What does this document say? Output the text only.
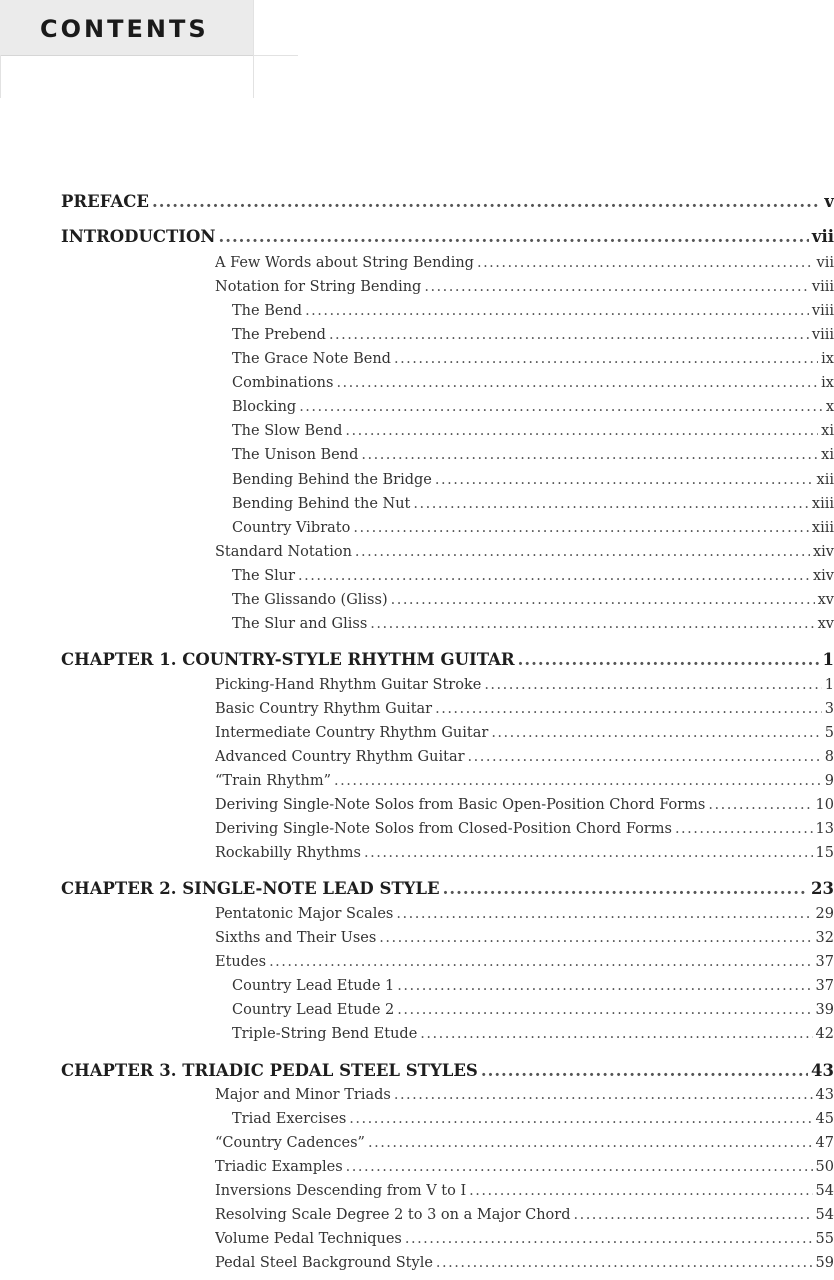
CONTENTS
PREFACE .....	v
INTRODUCTION .....	vii
A Few Words about String Bending .....	vii
Notation for String Bending .....	viii
The Bend .....	viii
The Prebend .....	viii
The Grace Note Bend .....	ix
Combinations .....	ix
Blocking .....	x
The Slow Bend .....	xi
The Unison Bend .....	xi
Bending Behind the Bridge .....	xii
Bending Behind the Nut .....	xiii
Country Vibrato .....	xiii
Standard Notation .....	xiv
The Slur .....	xiv
The Glissando (Gliss) .....	xv
The Slur and Gliss .....	xv
CHAPTER 1. COUNTRY-STYLE RHYTHM GUITAR .....	1
Picking-Hand Rhythm Guitar Stroke .....	1
Basic Country Rhythm Guitar .....	3
Intermediate Country Rhythm Guitar .....	5
Advanced Country Rhythm Guitar .....	8
“Train Rhythm” .....	9
Deriving Single-Note Solos from Basic Open-Position Chord Forms .....	10
Deriving Single-Note Solos from Closed-Position Chord Forms .....	13
Rockabilly Rhythms .....	15
CHAPTER 2. SINGLE-NOTE LEAD STYLE .....	23
Pentatonic Major Scales .....	29
Sixths and Their Uses .....	32
Etudes .....	37
Country Lead Etude 1 .....	37
Country Lead Etude 2 .....	39
Triple-String Bend Etude .....	42
CHAPTER 3. TRIADIC PEDAL STEEL STYLES .....	43
Major and Minor Triads .....	43
Triad Exercises .....	45
“Country Cadences” .....	47
Triadic Examples .....	50
Inversions Descending from V to I .....	54
Resolving Scale Degree 2 to 3 on a Major Chord .....	54
Volume Pedal Techniques .....	55
Pedal Steel Background Style .....	59
